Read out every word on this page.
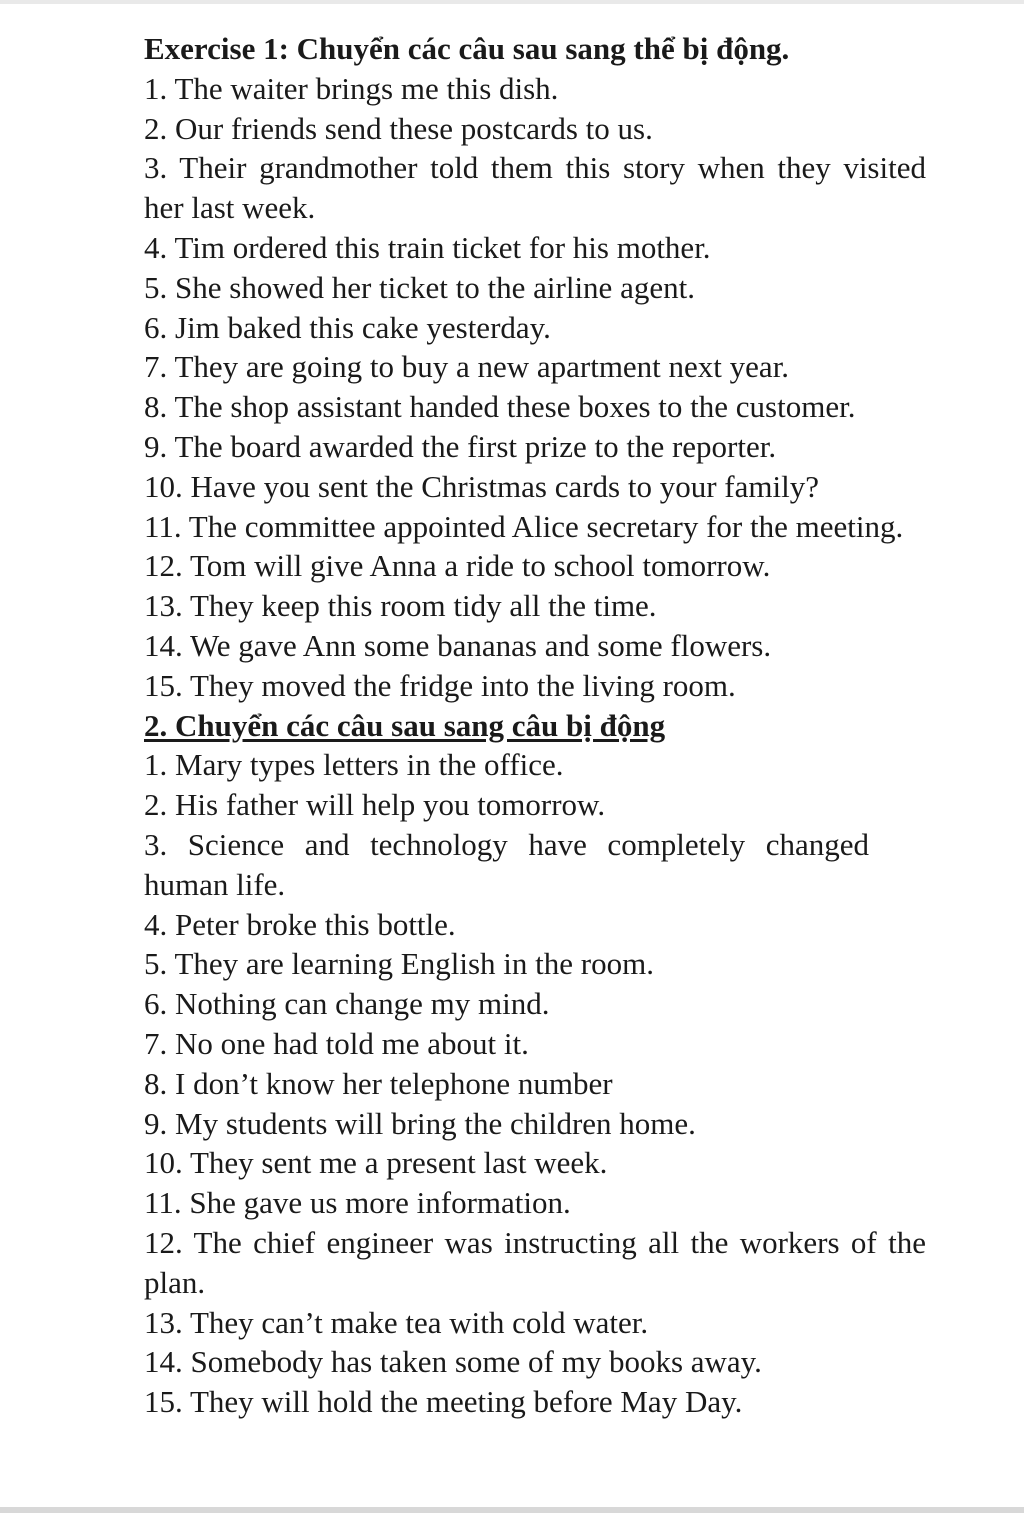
Exercise 1: Chuyển các câu sau sang thể bị động.
1. The waiter brings me this dish.
2. Our friends send these postcards to us.
3. Their grandmother told them this story when they visited her last week.
4. Tim ordered this train ticket for his mother.
5. She showed her ticket to the airline agent.
6. Jim baked this cake yesterday.
7. They are going to buy a new apartment next year.
8. The shop assistant handed these boxes to the customer.
9. The board awarded the first prize to the reporter.
10. Have you sent the Christmas cards to your family?
11. The committee appointed Alice secretary for the meeting.
12. Tom will give Anna a ride to school tomorrow.
13. They keep this room tidy all the time.
14. We gave Ann some bananas and some flowers.
15. They moved the fridge into the living room.
2. Chuyển các câu sau sang câu bị động
1. Mary types letters in the office.
2. His father will help you tomorrow.
3. Science and technology have completely changed human life.
4. Peter broke this bottle.
5. They are learning English in the room.
6. Nothing can change my mind.
7. No one had told me about it.
8. I don’t know her telephone number
9. My students will bring the children home.
10. They sent me a present last week.
11. She gave us more information.
12. The chief engineer was instructing all the workers of the plan.
13. They can’t make tea with cold water.
14. Somebody has taken some of my books away.
15. They will hold the meeting before May Day.
